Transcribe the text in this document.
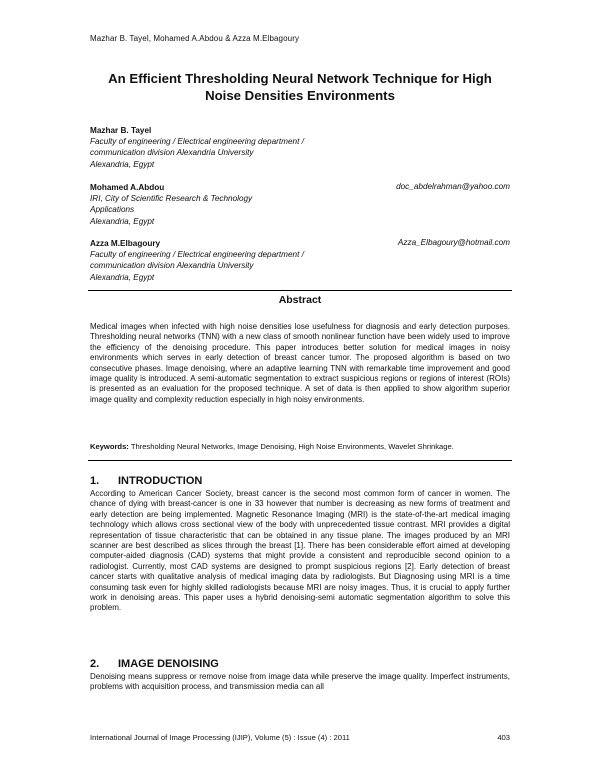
Mazhar B. Tayel, Mohamed A.Abdou & Azza M.Elbagoury
An Efficient Thresholding Neural Network Technique for High
Noise Densities Environments
Mazhar B. Tayel
Faculty of engineering / Electrical engineering department /
communication division Alexandria University
Alexandria, Egypt
Mohamed A.Abdou
IRI, City of Scientific Research & Technology
Applications
Alexandria, Egypt
doc_abdelrahman@yahoo.com
Azza M.Elbagoury
Faculty of engineering / Electrical engineering department /
communication division Alexandria University
Alexandria, Egypt
Azza_Elbagoury@hotmail.com
Abstract
Medical images when infected with high noise densities lose usefulness for diagnosis and early detection purposes. Thresholding neural networks (TNN) with a new class of smooth nonlinear function have been widely used to improve the efficiency of the denoising procedure. This paper introduces better solution for medical images in noisy environments which serves in early detection of breast cancer tumor. The proposed algorithm is based on two consecutive phases. Image denoising, where an adaptive learning TNN with remarkable time improvement and good image quality is introduced. A semi-automatic segmentation to extract suspicious regions or regions of interest (ROIs) is presented as an evaluation for the proposed technique. A set of data is then applied to show algorithm superior image quality and complexity reduction especially in high noisy environments.
Keywords: Thresholding Neural Networks, Image Denoising, High Noise Environments, Wavelet Shrinkage.
1. INTRODUCTION
According to American Cancer Society, breast cancer is the second most common form of cancer in women. The chance of dying with breast-cancer is one in 33 however that number is decreasing as new forms of treatment and early detection are being implemented. Magnetic Resonance Imaging (MRI) is the state-of-the-art medical imaging technology which allows cross sectional view of the body with unprecedented tissue contrast. MRI provides a digital representation of tissue characteristic that can be obtained in any tissue plane. The images produced by an MRI scanner are best described as slices through the breast [1]. There has been considerable effort aimed at developing computer-aided diagnosis (CAD) systems that might provide a consistent and reproducible second opinion to a radiologist. Currently, most CAD systems are designed to prompt suspicious regions [2]. Early detection of breast cancer starts with qualitative analysis of medical imaging data by radiologists. But Diagnosing using MRI is a time consuming task even for highly skilled radiologists because MRI are noisy images. Thus, it is crucial to apply further work in denoising areas. This paper uses a hybrid denoising-semi automatic segmentation algorithm to solve this problem.
2. IMAGE DENOISING
Denoising means suppress or remove noise from image data while preserve the image quality. Imperfect instruments, problems with acquisition process, and transmission media can all
International Journal of Image Processing (IJIP), Volume (5) : Issue (4) : 2011	403
